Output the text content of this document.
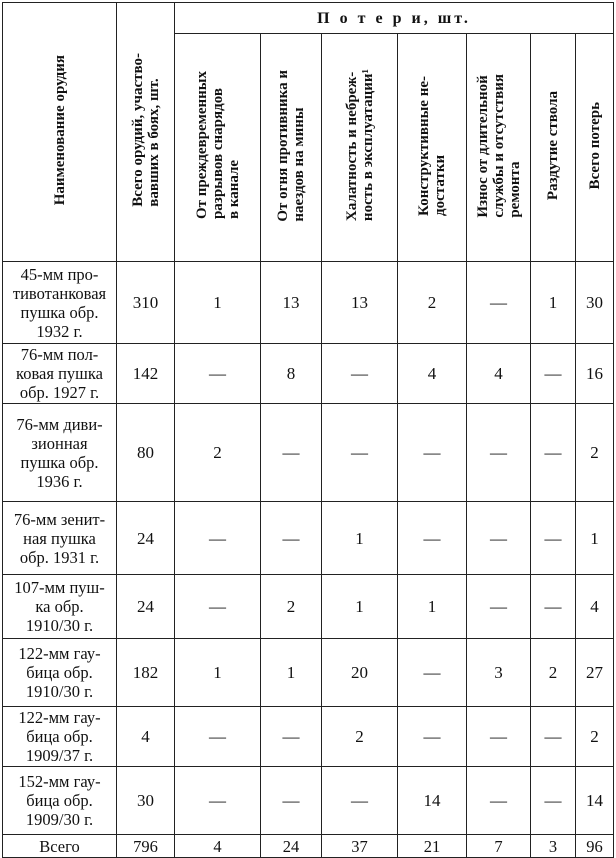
Наименование орудия	Всего орудий, участво-
вавших в боях, шт.	П о т е р и, шт.						
		От преждевременных
разрывов снарядов
в канале	От огня противника и
наездов на мины	Халатность и небреж-
ность в эксплуатации¹	Конструктивные не-
достатки	Износ от длительной
службы и отсутствия
ремонта	Раздутие ствола	Всего потерь
45-мм про-
тивотанковая
пушка обр.
1932 г.	310	1	13	13	2	—	1	30
76-мм пол-
ковая пушка
обр. 1927 г.	142	—	8	—	4	4	—	16
76-мм диви-
зионная
пушка обр.
1936 г.	80	2	—	—	—	—	—	2
76-мм зенит-
ная пушка
обр. 1931 г.	24	—	—	1	—	—	—	1
107-мм пуш-
ка обр.
1910/30 г.	24	—	2	1	1	—	—	4
122-мм гау-
бица обр.
1910/30 г.	182	1	1	20	—	3	2	27
122-мм гау-
бица обр.
1909/37 г.	4	—	—	2	—	—	—	2
152-мм гау-
бица обр.
1909/30 г.	30	—	—	—	14	—	—	14
Всего	796	4	24	37	21	7	3	96
